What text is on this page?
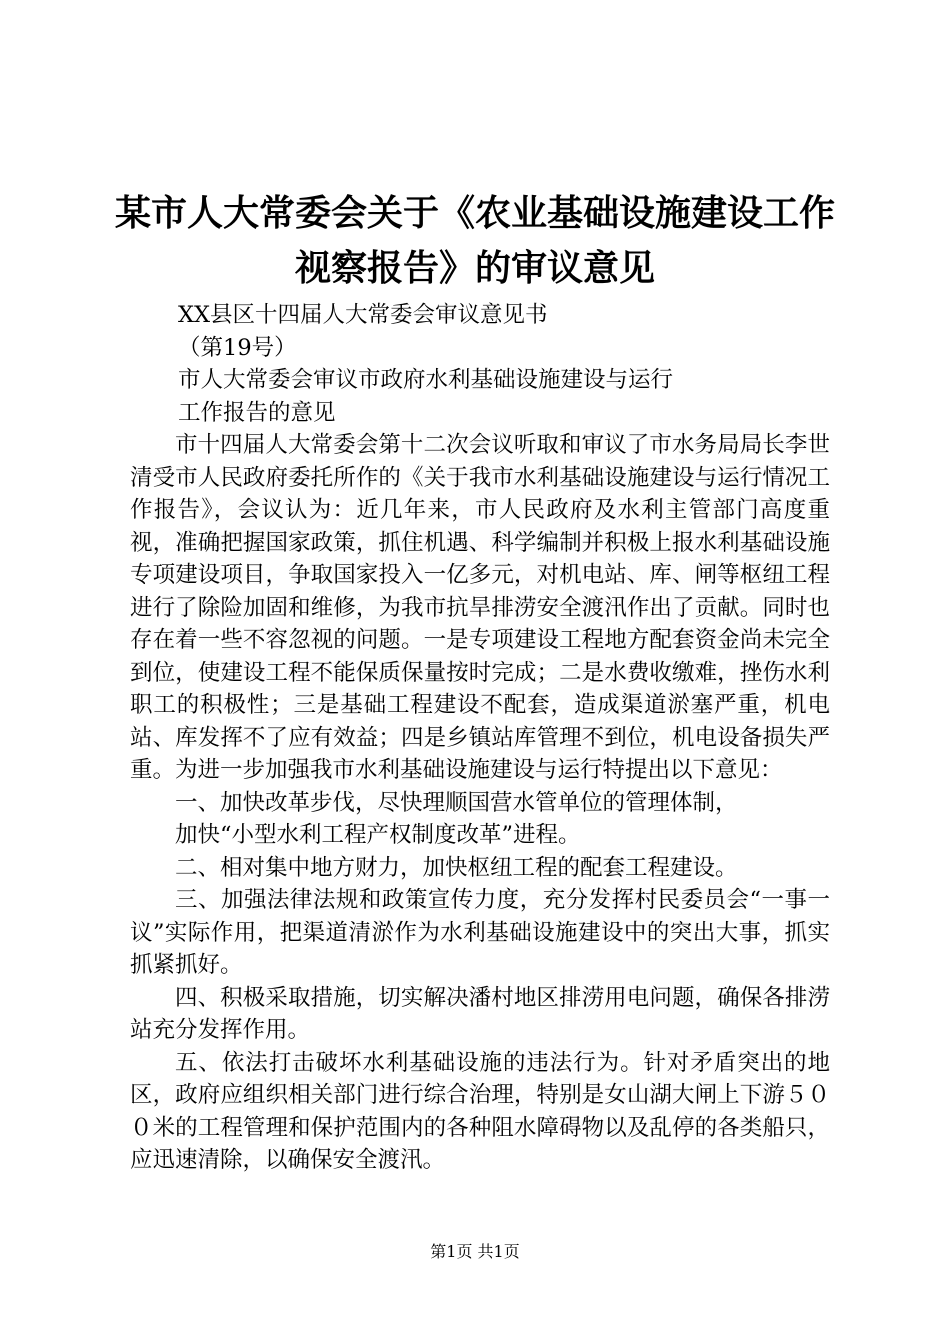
某市人大常委会关于《农业基础设施建设工作
视察报告》的审议意见

XX县区十四届人大常委会审议意见书

（第19号）

市人大常委会审议市政府水利基础设施建设与运行

工作报告的意见

市十四届人大常委会第十二次会议听取和审议了市水务局局长李世清受市人民政府委托所作的《关于我市水利基础设施建设与运行情况工作报告》，会议认为：近几年来，市人民政府及水利主管部门高度重视，准确把握国家政策，抓住机遇、科学编制并积极上报水利基础设施专项建设项目，争取国家投入一亿多元，对机电站、库、闸等枢纽工程进行了除险加固和维修，为我市抗旱排涝安全渡汛作出了贡献。同时也存在着一些不容忽视的问题。一是专项建设工程地方配套资金尚未完全到位，使建设工程不能保质保量按时完成；二是水费收缴难，挫伤水利职工的积极性；三是基础工程建设不配套，造成渠道淤塞严重，机电站、库发挥不了应有效益；四是乡镇站库管理不到位，机电设备损失严重。为进一步加强我市水利基础设施建设与运行特提出以下意见：

一、加快改革步伐，尽快理顺国营水管单位的管理体制，

加快“小型水利工程产权制度改革”进程。

二、相对集中地方财力，加快枢纽工程的配套工程建设。

三、加强法律法规和政策宣传力度，充分发挥村民委员会“一事一议”实际作用，把渠道清淤作为水利基础设施建设中的突出大事，抓实抓紧抓好。

四、积极采取措施，切实解决潘村地区排涝用电问题，确保各排涝站充分发挥作用。

五、依法打击破坏水利基础设施的违法行为。针对矛盾突出的地区，政府应组织相关部门进行综合治理，特别是女山湖大闸上下游５００米的工程管理和保护范围内的各种阻水障碍物以及乱停的各类船只，应迅速清除，以确保安全渡汛。

第1页 共1页
